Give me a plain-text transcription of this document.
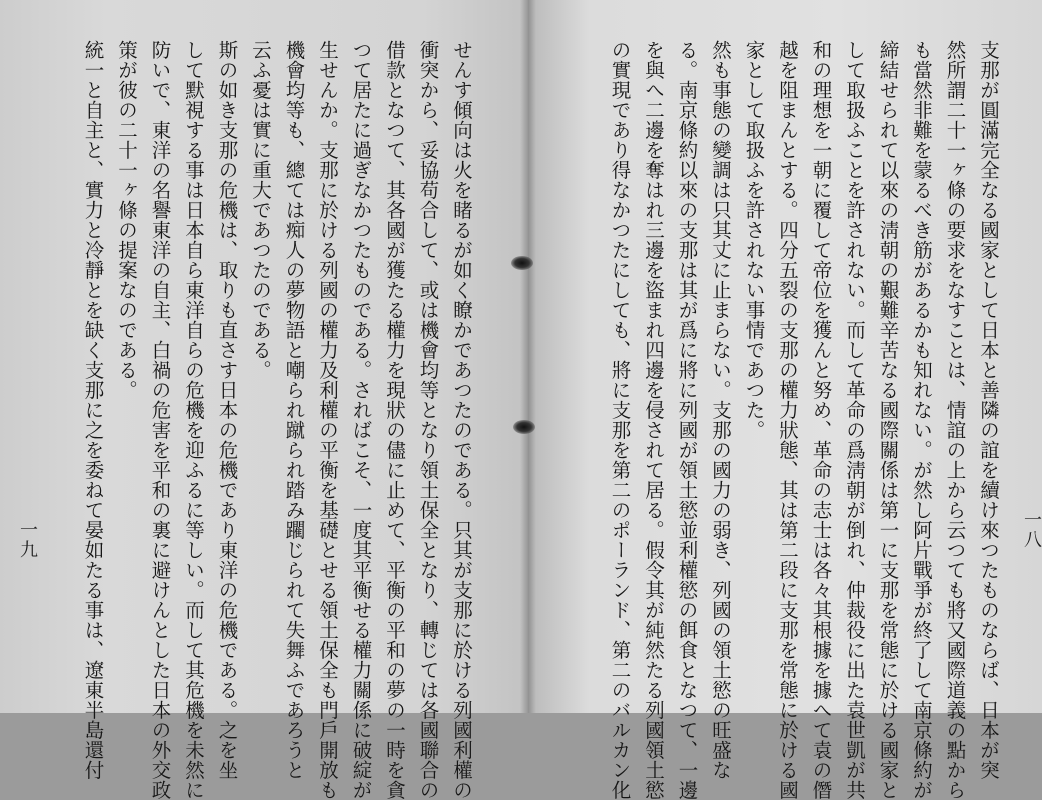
支那が圓滿完全なる國家として日本と善隣の誼を續け來つたものならば、日本が突
然所謂二十一ヶ條の要求をなすことは、情誼の上から云つても將又國際道義の點から
も當然非難を蒙るべき筋があるかも知れない。が然し阿片戰爭が終了して南京條約が
締結せられて以來の淸朝の艱難辛苦なる國際關係は第一に支那を常態に於ける國家と
して取扱ふことを許されない。而して革命の爲淸朝が倒れ、仲裁役に出た袁世凱が共
和の理想を一朝に覆して帝位を獲んと努め、革命の志士は各々其根據を據へて袁の僭
越を阻まんとする。四分五裂の支那の權力狀態、其は第二段に支那を常態に於ける國
家として取扱ふを許されない事情であつた。
然も事態の變調は只其丈に止まらない。支那の國力の弱き、列國の領土慾の旺盛な
る。南京條約以來の支那は其が爲に將に列國が領土慾並利權慾の餌食となつて、一邊
を與へ二邊を奪はれ三邊を盜まれ四邊を侵されて居る。假令其が純然たる列國領土慾
の實現であり得なかつたにしても、將に支那を第二のポーランド、第二のバルカン化
せんす傾向は火を睹るが如く瞭かであつたのである。只其が支那に於ける列國利權の
衝突から、妥協苟合して、或は機會均等となり領土保全となり、轉じては各國聯合の
借款となつて、其各國が獲たる權力を現狀の儘に止めて、平衡の平和の夢の一時を貪
つて居たに過ぎなかつたものである。さればこそ、一度其平衡せる權力關係に破綻が
生せんか。支那に於ける列國の權力及利權の平衡を基礎とせる領土保全も門戶開放も
機會均等も、總ては痴人の夢物語と嘲られ蹴られ踏み躙じられて失舞ふであろうと
云ふ憂は實に重大であつたのである。
斯の如き支那の危機は、取りも直さす日本の危機であり東洋の危機である。之を坐
して默視する事は日本自ら東洋自らの危機を迎ふるに等しい。而して其危機を未然に
防いで、東洋の名譽東洋の自主、白禍の危害を平和の裏に避けんとした日本の外交政
策が彼の二十一ヶ條の提案なのである。
統一と自主と、實力と冷靜とを缺く支那に之を委ねて晏如たる事は、遼東半島還付	一八
一九
